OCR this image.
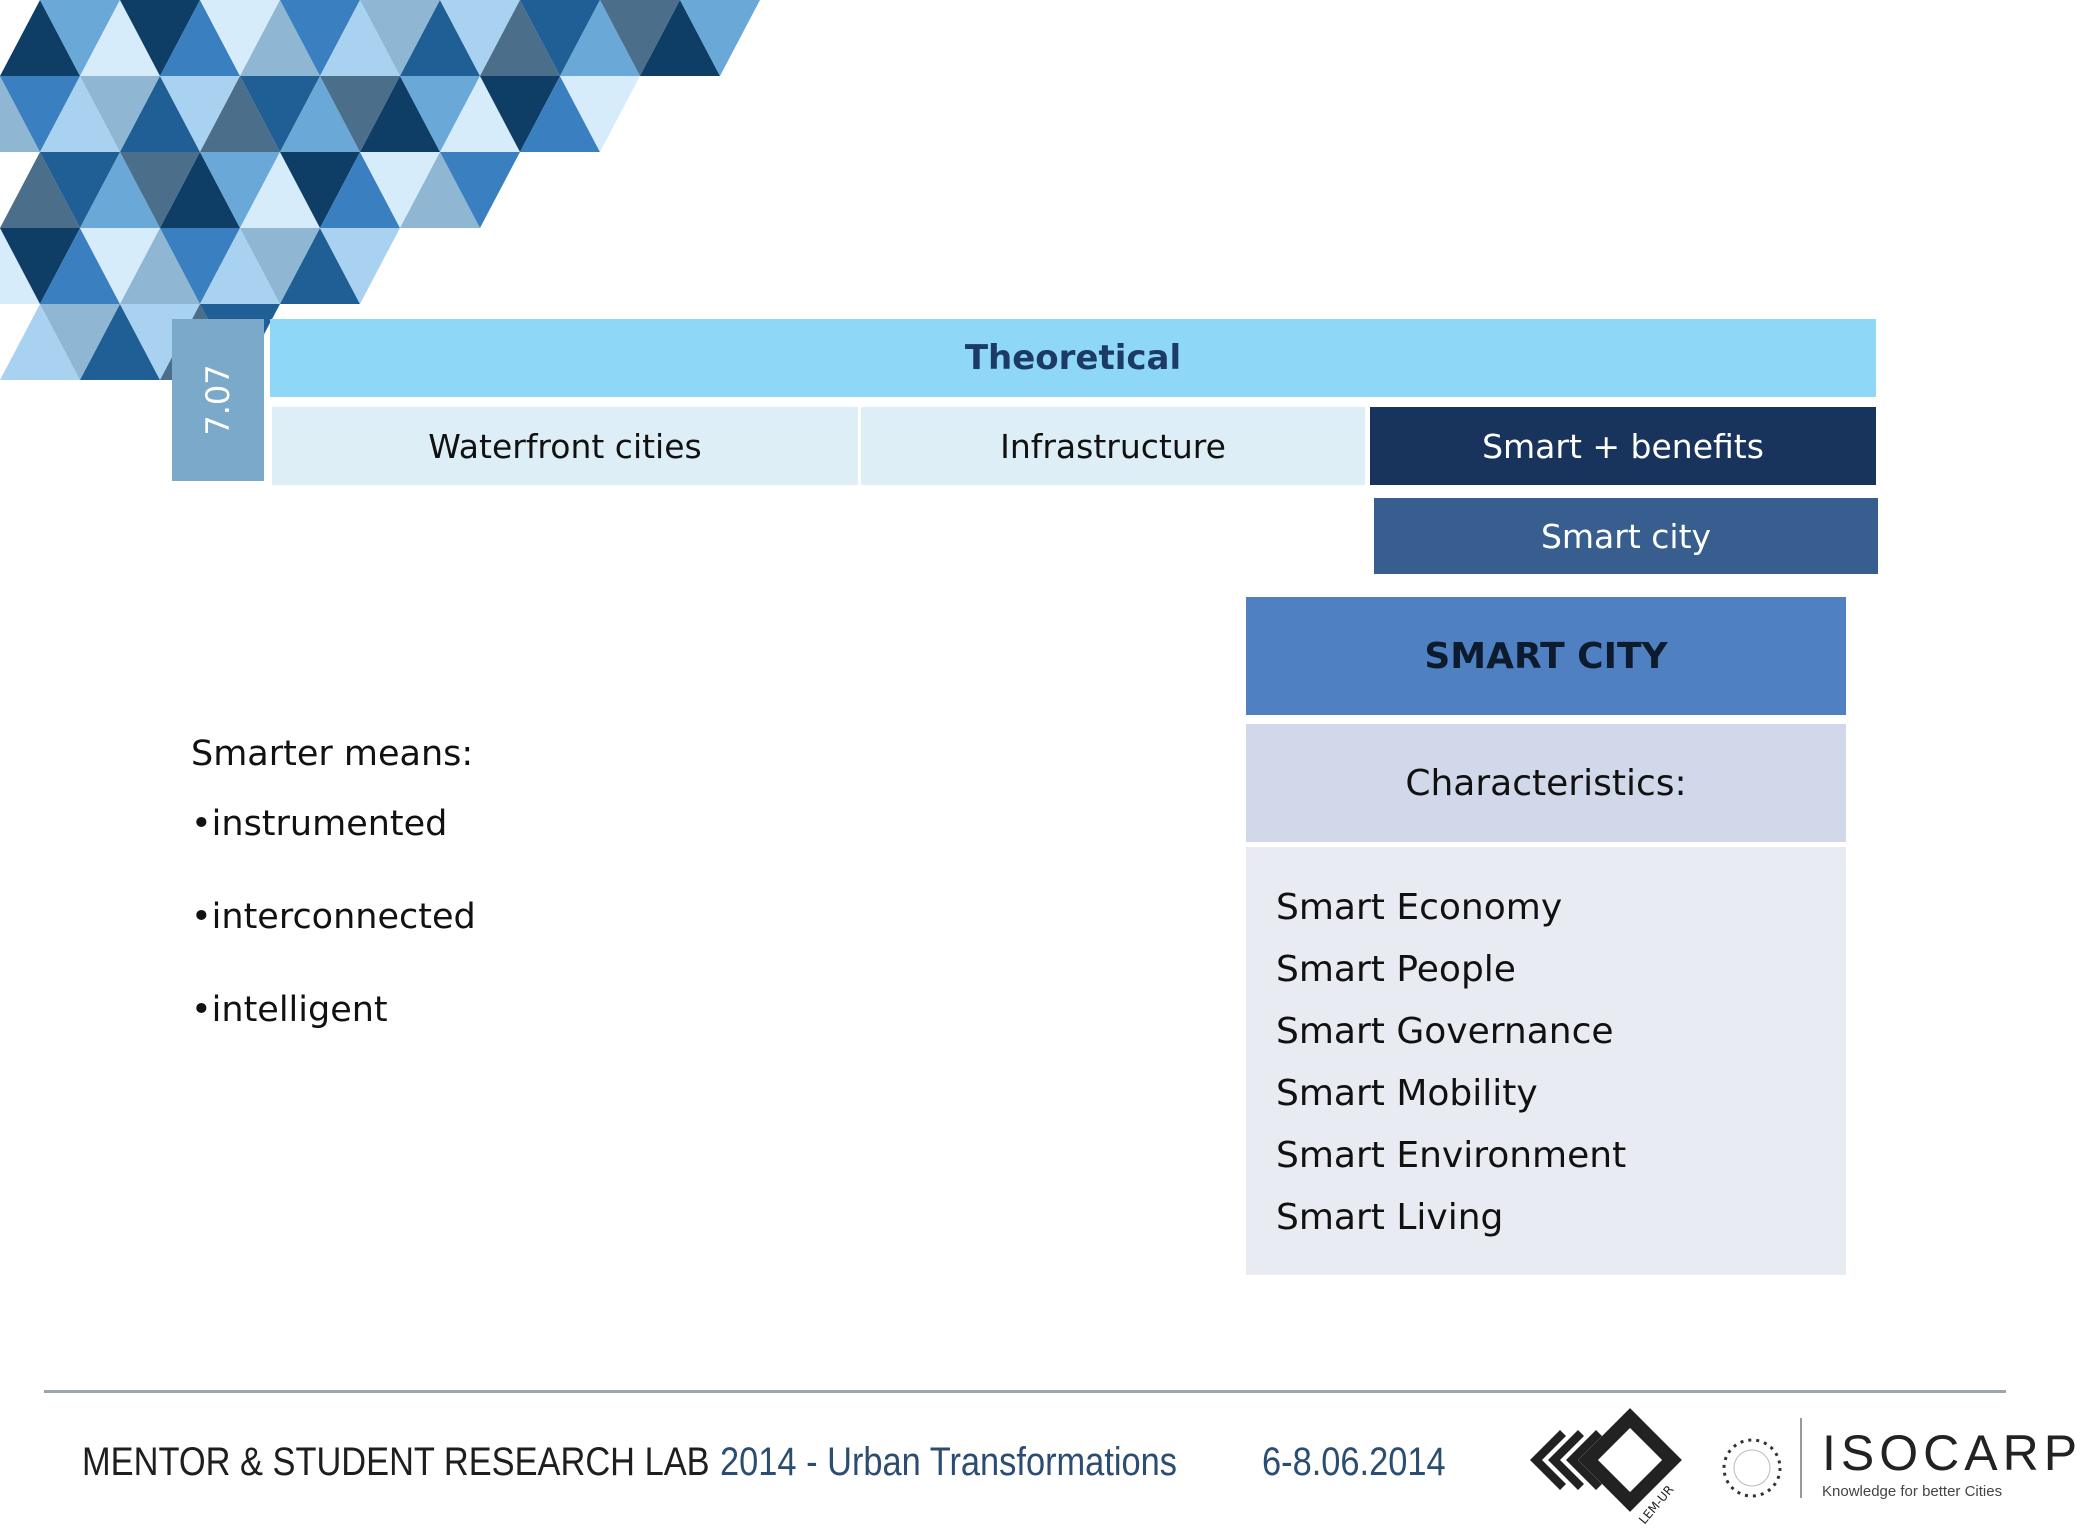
7.07
Theoretical
Waterfront cities	Infrastructure	Smart + benefits
Smart city
SMART CITY
Characteristics:
Smart Economy
Smart People
Smart Governance
Smart Mobility
Smart Environment
Smart Living
Smarter means:
• instrumented
• interconnected
• intelligent
MENTOR & STUDENT RESEARCH LAB 2014 - Urban Transformations 6-8.06.2014
LEM-UR
ISOCARP
Knowledge for better Cities
